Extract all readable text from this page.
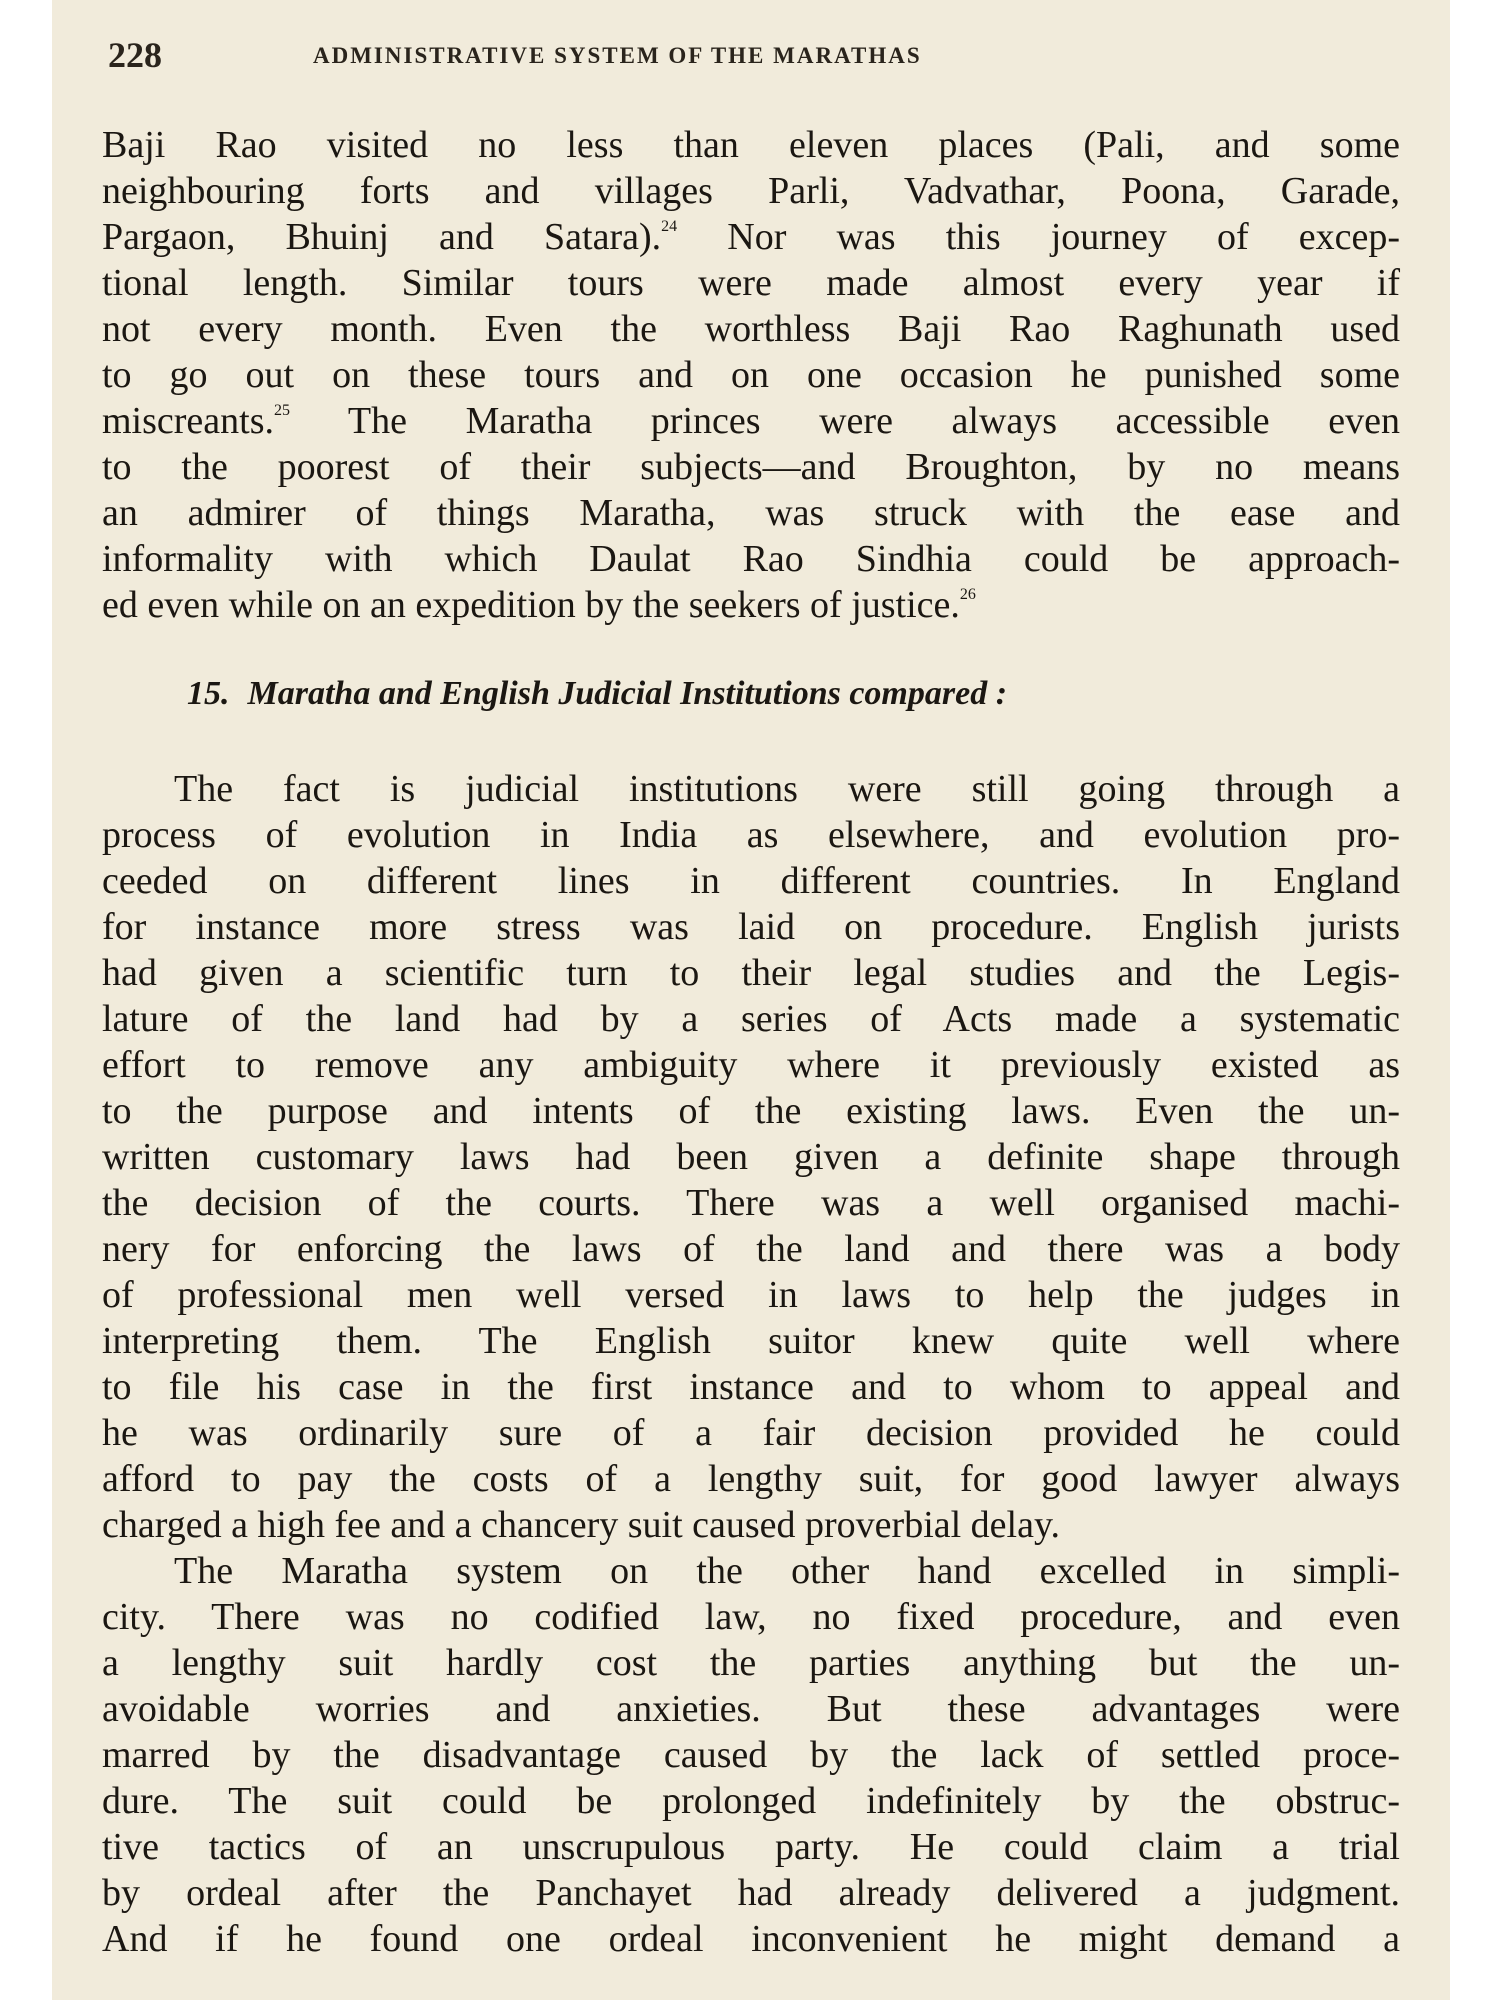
228	ADMINISTRATIVE SYSTEM OF THE MARATHAS
Baji Rao visited no less than eleven places (Pali, and some
neighbouring forts and villages Parli, Vadvathar, Poona, Garade,
Pargaon, Bhuinj and Satara).$^{24}$ Nor was this journey of excep-
tional length. Similar tours were made almost every year if
not every month. Even the worthless Baji Rao Raghunath used
to go out on these tours and on one occasion he punished some
miscreants.$^{25}$ The Maratha princes were always accessible even
to the poorest of their subjects—and Broughton, by no means
an admirer of things Maratha, was struck with the ease and
informality with which Daulat Rao Sindhia could be approach-
ed even while on an expedition by the seekers of justice.$^{26}$
The fact is judicial institutions were still going through a
process of evolution in India as elsewhere, and evolution pro-
ceeded on different lines in different countries. In England
for instance more stress was laid on procedure. English jurists
had given a scientific turn to their legal studies and the Legis-
lature of the land had by a series of Acts made a systematic
effort to remove any ambiguity where it previously existed as
to the purpose and intents of the existing laws. Even the un-
written customary laws had been given a definite shape through
the decision of the courts. There was a well organised machi-
nery for enforcing the laws of the land and there was a body
of professional men well versed in laws to help the judges in
interpreting them. The English suitor knew quite well where
to file his case in the first instance and to whom to appeal and
he was ordinarily sure of a fair decision provided he could
afford to pay the costs of a lengthy suit, for good lawyer always
charged a high fee and a chancery suit caused proverbial delay.
The Maratha system on the other hand excelled in simpli-
city. There was no codified law, no fixed procedure, and even
a lengthy suit hardly cost the parties anything but the un-
avoidable worries and anxieties. But these advantages were
marred by the disadvantage caused by the lack of settled proce-
dure. The suit could be prolonged indefinitely by the obstruc-
tive tactics of an unscrupulous party. He could claim a trial
by ordeal after the Panchayet had already delivered a judgment.
And if he found one ordeal inconvenient he might demand a
15. Maratha and English Judicial Institutions compared :
